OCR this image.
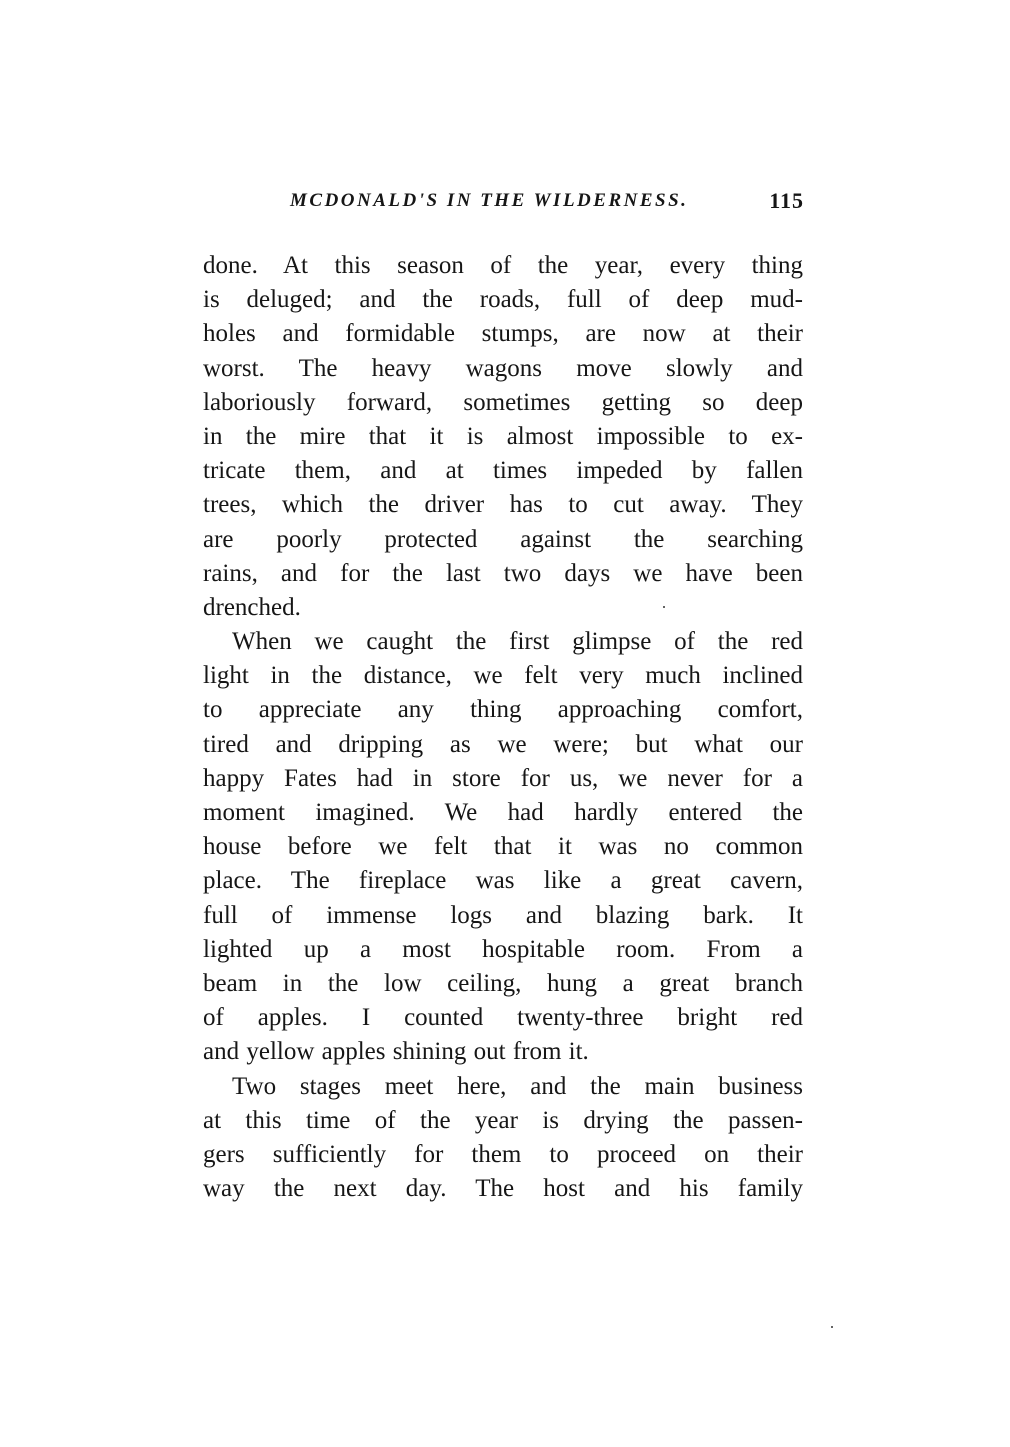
MCDONALD'S IN THE WILDERNESS.	115
done. At this season of the year, every thing
is deluged; and the roads, full of deep mud-
holes and formidable stumps, are now at their
worst. The heavy wagons move slowly and
laboriously forward, sometimes getting so deep
in the mire that it is almost impossible to ex-
tricate them, and at times impeded by fallen
trees, which the driver has to cut away. They
are poorly protected against the searching
rains, and for the last two days we have been
drenched.
When we caught the first glimpse of the red
light in the distance, we felt very much inclined
to appreciate any thing approaching comfort,
tired and dripping as we were; but what our
happy Fates had in store for us, we never for a
moment imagined. We had hardly entered the
house before we felt that it was no common
place. The fireplace was like a great cavern,
full of immense logs and blazing bark. It
lighted up a most hospitable room. From a
beam in the low ceiling, hung a great branch
of apples. I counted twenty-three bright red
and yellow apples shining out from it.
Two stages meet here, and the main business
at this time of the year is drying the passen-
gers sufficiently for them to proceed on their
way the next day. The host and his family
